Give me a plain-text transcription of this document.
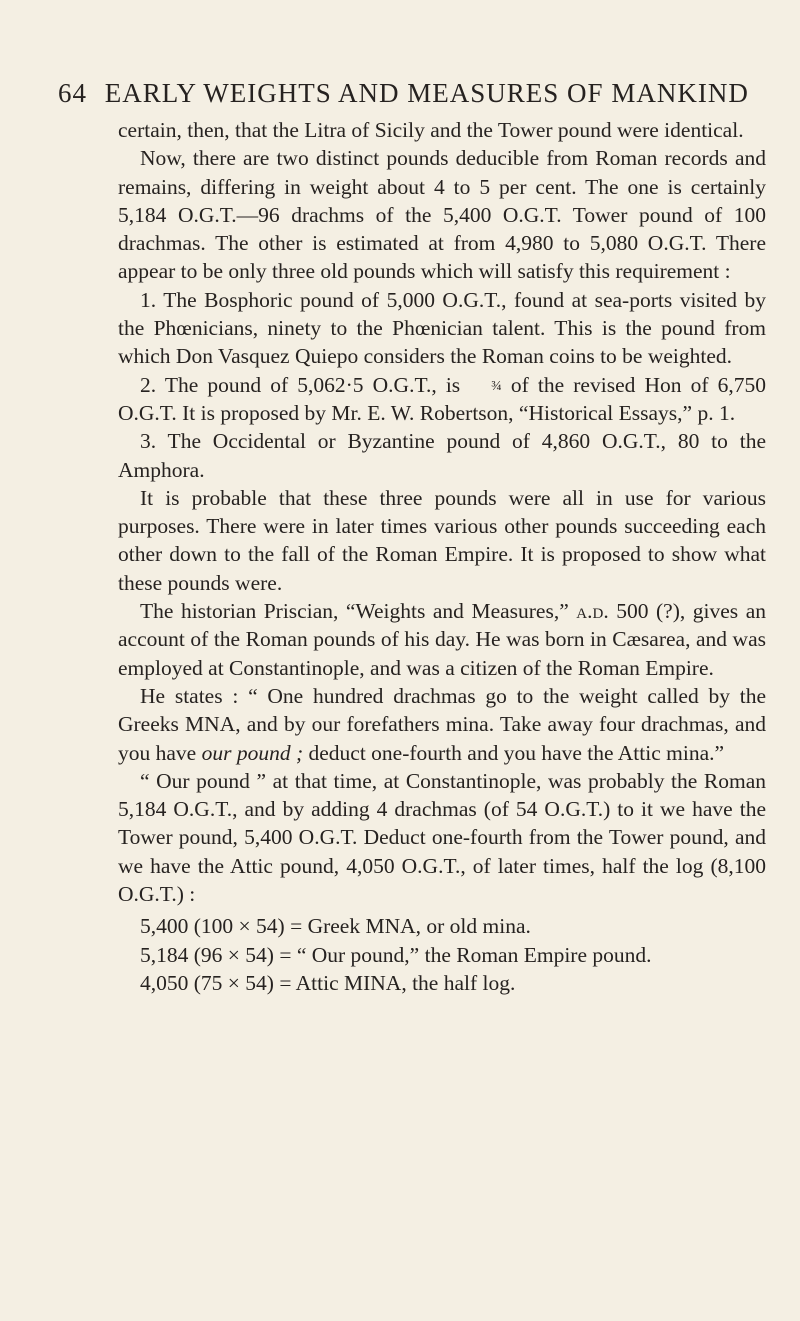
64 EARLY WEIGHTS AND MEASURES OF MANKIND

certain, then, that the Litra of Sicily and the Tower pound were identical.

Now, there are two distinct pounds deducible from Roman records and remains, differing in weight about 4 to 5 per cent. The one is certainly 5,184 O.G.T.—96 drachms of the 5,400 O.G.T. Tower pound of 100 drachmas. The other is estimated at from 4,980 to 5,080 O.G.T. There appear to be only three old pounds which will satisfy this requirement :

1. The Bosphoric pound of 5,000 O.G.T., found at sea-ports visited by the Phœnicians, ninety to the Phœnician talent. This is the pound from which Don Vasquez Quiepo considers the Roman coins to be weighted.

2. The pound of 5,062·5 O.G.T., is ¾ of the revised Hon of 6,750 O.G.T. It is proposed by Mr. E. W. Robertson, “Historical Essays,” p. 1.

3. The Occidental or Byzantine pound of 4,860 O.G.T., 80 to the Amphora.

It is probable that these three pounds were all in use for various purposes. There were in later times various other pounds succeeding each other down to the fall of the Roman Empire. It is proposed to show what these pounds were.

The historian Priscian, “Weights and Measures,” a.d. 500 (?), gives an account of the Roman pounds of his day. He was born in Cæsarea, and was employed at Constantinople, and was a citizen of the Roman Empire.

He states : “ One hundred drachmas go to the weight called by the Greeks MNA, and by our forefathers mina. Take away four drachmas, and you have our pound ; deduct one-fourth and you have the Attic mina.”

“ Our pound ” at that time, at Constantinople, was probably the Roman 5,184 O.G.T., and by adding 4 drachmas (of 54 O.G.T.) to it we have the Tower pound, 5,400 O.G.T. Deduct one-fourth from the Tower pound, and we have the Attic pound, 4,050 O.G.T., of later times, half the log (8,100 O.G.T.) :

5,400 (100 × 54) = Greek MNA, or old mina.
5,184 (96 × 54) = “ Our pound,” the Roman Empire pound.
4,050 (75 × 54) = Attic MINA, the half log.
